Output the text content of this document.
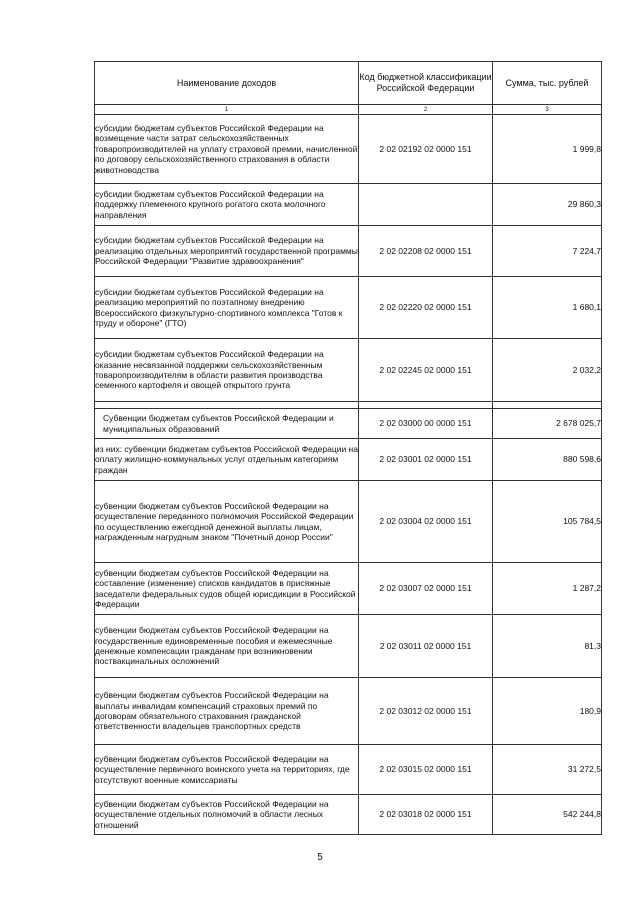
Наименование доходов	Код бюджетной классификации Российской Федерации	Сумма, тыс. рублей
1	2	3
субсидии бюджетам субъектов Российской Федерации на возмещение части затрат сельскохозяйственных товаропроизводителей на уплату страховой премии, начисленной по договору сельскохозяйственного страхования в области животноводства	2 02 02192 02 0000 151	1 999,8
субсидии бюджетам субъектов Российской Федерации на поддержку племенного крупного рогатого скота молочного направления		29 860,3
субсидии бюджетам субъектов Российской Федерации на реализацию отдельных мероприятий государственной программы Российской Федерации "Развитие здравоохранения"	2 02 02208 02 0000 151	7 224,7
субсидии бюджетам субъектов Российской Федерации на реализацию мероприятий по поэтапному внедрению Всероссийского физкультурно-спортивного комплекса "Готов к труду и обороне" (ГТО)	2 02 02220 02 0000 151	1 680,1
субсидии бюджетам субъектов Российской Федерации на оказание несвязанной поддержки сельскохозяйственным товаропроизводителям в области развития производства семенного картофеля и овощей открытого грунта	2 02 02245 02 0000 151	2 032,2

Субвенции бюджетам субъектов Российской Федерации и муниципальных образований	2 02 03000 00 0000 151	2 678 025,7
из них: субвенции бюджетам субъектов Российской Федерации на оплату жилищно-коммунальных услуг отдельным категориям граждан	2 02 03001 02 0000 151	880 598,6
субвенции бюджетам субъектов Российской Федерации на осуществление переданного полномочия Российской Федерации по осуществлению ежегодной денежной выплаты лицам, награжденным нагрудным знаком "Почетный донор России"	2 02 03004 02 0000 151	105 784,5
субвенции бюджетам субъектов Российской Федерации на составление (изменение) списков кандидатов в присяжные заседатели федеральных судов общей юрисдикции в Российской Федерации	2 02 03007 02 0000 151	1 287,2
субвенции бюджетам субъектов Российской Федерации на государственные единовременные пособия и ежемесячные денежные компенсации гражданам при возникновении поствакцинальных осложнений	2 02 03011 02 0000 151	81,3
субвенции бюджетам субъектов Российской Федерации на выплаты инвалидам компенсаций страховых премий по договорам обязательного страхования гражданской ответственности владельцев транспортных средств	2 02 03012 02 0000 151	180,9
субвенции бюджетам субъектов Российской Федерации на осуществление первичного воинского учета на территориях, где отсутствуют военные комиссариаты	2 02 03015 02 0000 151	31 272,5
субвенции бюджетам субъектов Российской Федерации на осуществление отдельных полномочий в области лесных отношений	2 02 03018 02 0000 151	542 244,8
5
